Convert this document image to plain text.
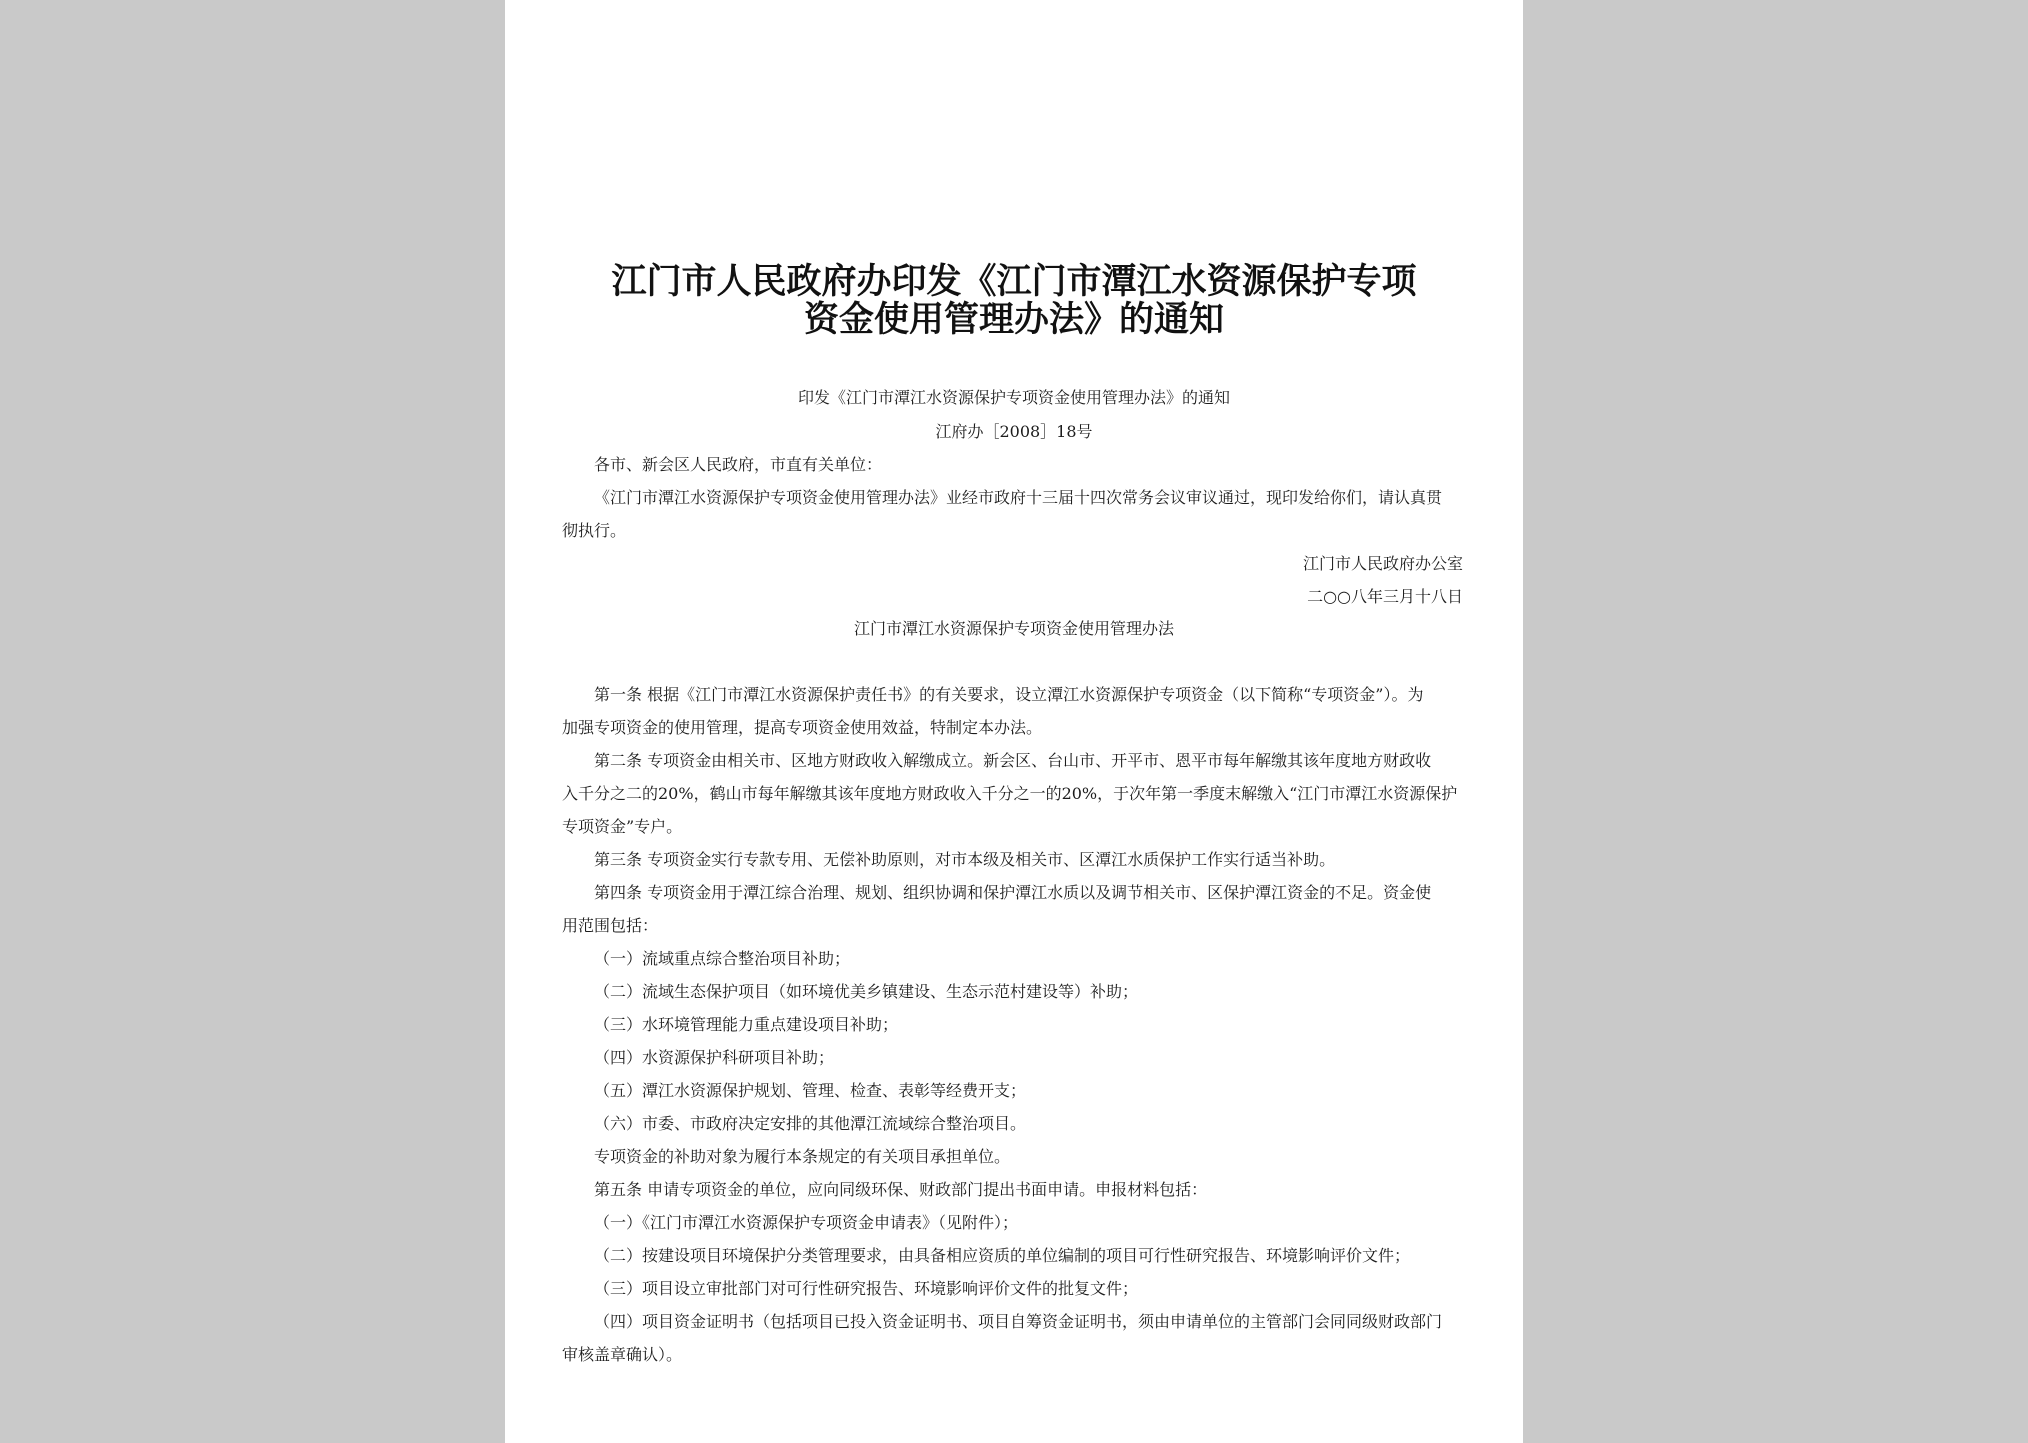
江门市人民政府办印发《江门市潭江水资源保护专项
资金使用管理办法》的通知
印发《江门市潭江水资源保护专项资金使用管理办法》的通知
江府办［2008］18号
各市、新会区人民政府，市直有关单位：
《江门市潭江水资源保护专项资金使用管理办法》业经市政府十三届十四次常务会议审议通过，现印发给你们，请认真贯
彻执行。
江门市人民政府办公室
二○○八年三月十八日
江门市潭江水资源保护专项资金使用管理办法
第一条 根据《江门市潭江水资源保护责任书》的有关要求，设立潭江水资源保护专项资金（以下简称“专项资金”）。为
加强专项资金的使用管理，提高专项资金使用效益，特制定本办法。
第二条 专项资金由相关市、区地方财政收入解缴成立。新会区、台山市、开平市、恩平市每年解缴其该年度地方财政收
入千分之二的20%，鹤山市每年解缴其该年度地方财政收入千分之一的20%，于次年第一季度末解缴入“江门市潭江水资源保护
专项资金”专户。
第三条 专项资金实行专款专用、无偿补助原则，对市本级及相关市、区潭江水质保护工作实行适当补助。
第四条 专项资金用于潭江综合治理、规划、组织协调和保护潭江水质以及调节相关市、区保护潭江资金的不足。资金使
用范围包括：
（一）流域重点综合整治项目补助；
（二）流域生态保护项目（如环境优美乡镇建设、生态示范村建设等）补助；
（三）水环境管理能力重点建设项目补助；
（四）水资源保护科研项目补助；
（五）潭江水资源保护规划、管理、检查、表彰等经费开支；
（六）市委、市政府决定安排的其他潭江流域综合整治项目。
专项资金的补助对象为履行本条规定的有关项目承担单位。
第五条 申请专项资金的单位，应向同级环保、财政部门提出书面申请。申报材料包括：
（一）《江门市潭江水资源保护专项资金申请表》（见附件）；
（二）按建设项目环境保护分类管理要求，由具备相应资质的单位编制的项目可行性研究报告、环境影响评价文件；
（三）项目设立审批部门对可行性研究报告、环境影响评价文件的批复文件；
（四）项目资金证明书（包括项目已投入资金证明书、项目自筹资金证明书，须由申请单位的主管部门会同同级财政部门
审核盖章确认）。
